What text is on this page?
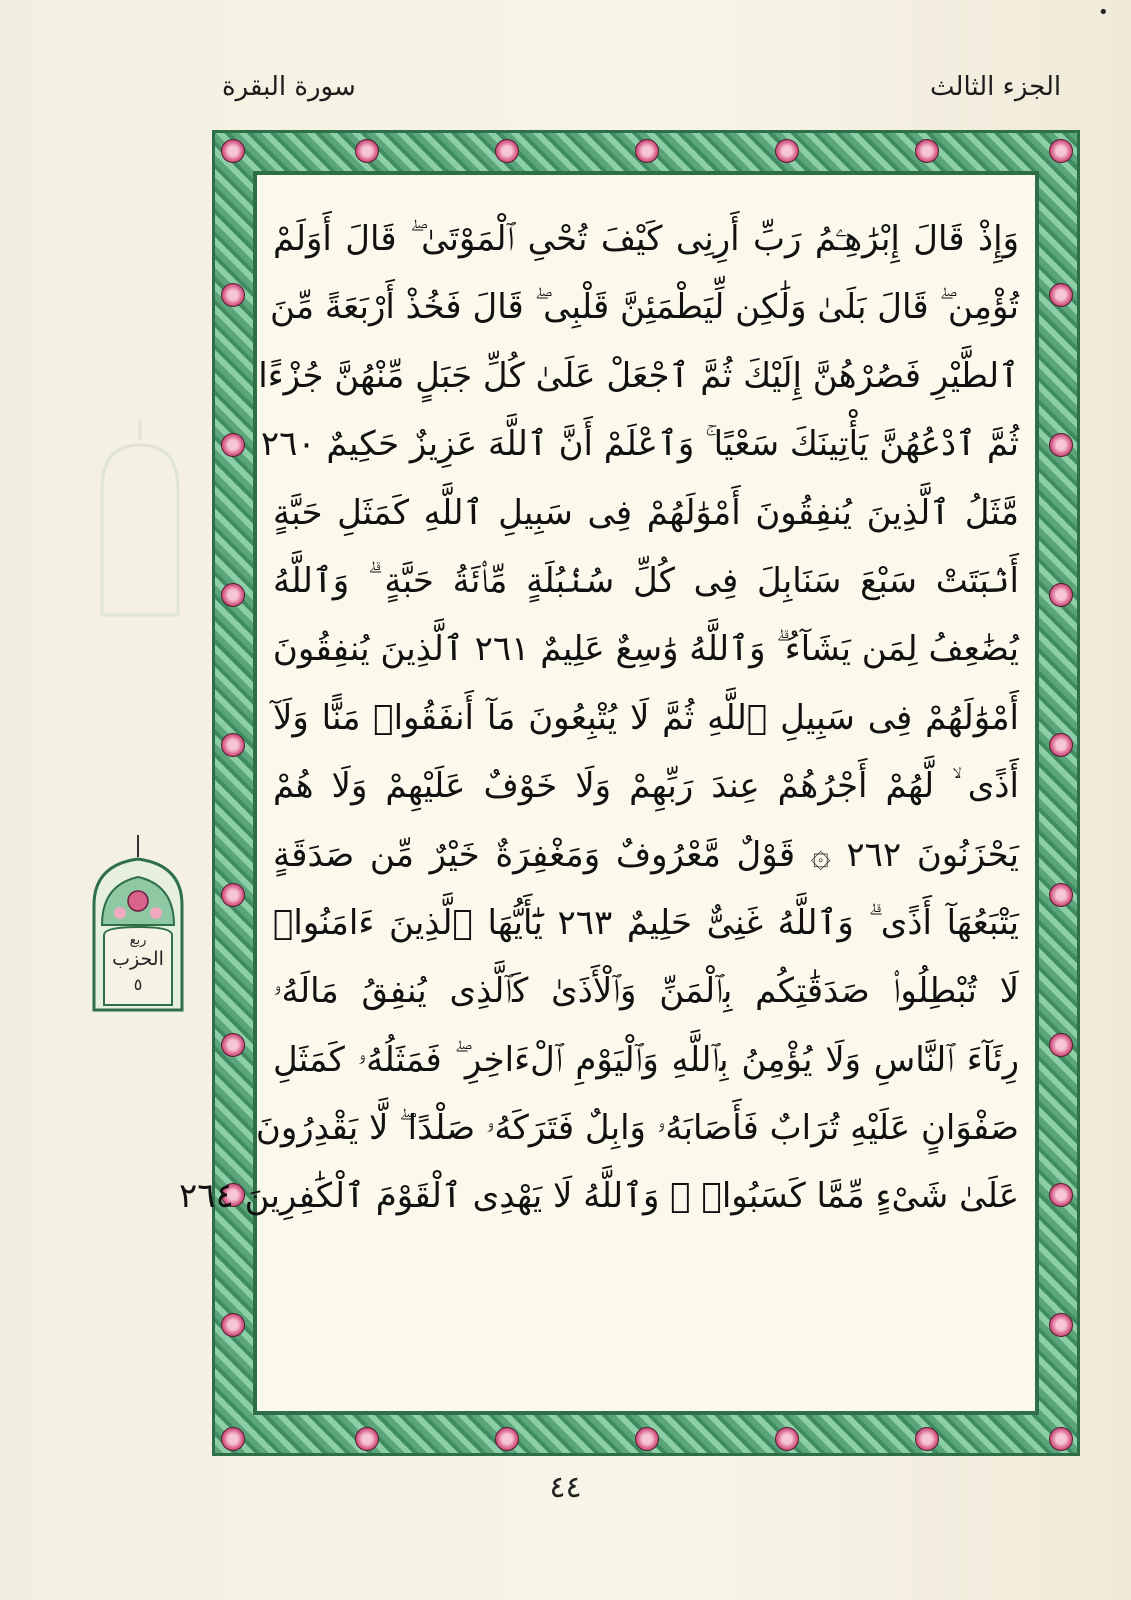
•
الجزء الثالث
سورة البقرة
ربع
الحزب
٥
وَإِذْ قَالَ إِبْرَٰهِـۧمُ رَبِّ أَرِنِى كَيْفَ تُحْىِ ٱلْمَوْتَىٰ ۖ قَالَ أَوَلَمْ
تُؤْمِن ۖ قَالَ بَلَىٰ وَلَٰكِن لِّيَطْمَئِنَّ قَلْبِى ۖ قَالَ فَخُذْ أَرْبَعَةً مِّنَ
ٱلطَّيْرِ فَصُرْهُنَّ إِلَيْكَ ثُمَّ ٱجْعَلْ عَلَىٰ كُلِّ جَبَلٍ مِّنْهُنَّ جُزْءًا
ثُمَّ ٱدْعُهُنَّ يَأْتِينَكَ سَعْيًا ۚ وَٱعْلَمْ أَنَّ ٱللَّهَ عَزِيزٌ حَكِيمٌ ٢٦٠
مَّثَلُ ٱلَّذِينَ يُنفِقُونَ أَمْوَٰلَهُمْ فِى سَبِيلِ ٱللَّهِ كَمَثَلِ حَبَّةٍ
أَنۢبَتَتْ سَبْعَ سَنَابِلَ فِى كُلِّ سُنۢبُلَةٍ مِّا۟ئَةُ حَبَّةٍ ۗ وَٱللَّهُ
يُضَٰعِفُ لِمَن يَشَآءُ ۗ وَٱللَّهُ وَٰسِعٌ عَلِيمٌ ٢٦١ ٱلَّذِينَ يُنفِقُونَ
أَمْوَٰلَهُمْ فِى سَبِيلِ ٱللَّهِ ثُمَّ لَا يُتْبِعُونَ مَآ أَنفَقُوا۟ مَنًّا وَلَآ
أَذًى ۙ لَّهُمْ أَجْرُهُمْ عِندَ رَبِّهِمْ وَلَا خَوْفٌ عَلَيْهِمْ وَلَا هُمْ
يَحْزَنُونَ ٢٦٢ ۞ قَوْلٌ مَّعْرُوفٌ وَمَغْفِرَةٌ خَيْرٌ مِّن صَدَقَةٍ
يَتْبَعُهَآ أَذًى ۗ وَٱللَّهُ غَنِىٌّ حَلِيمٌ ٢٦٣ يَٰٓأَيُّهَا ٱلَّذِينَ ءَامَنُوا۟
لَا تُبْطِلُوا۟ صَدَقَٰتِكُم بِٱلْمَنِّ وَٱلْأَذَىٰ كَٱلَّذِى يُنفِقُ مَالَهُۥ
رِئَآءَ ٱلنَّاسِ وَلَا يُؤْمِنُ بِٱللَّهِ وَٱلْيَوْمِ ٱلْءَاخِرِ ۖ فَمَثَلُهُۥ كَمَثَلِ
صَفْوَانٍ عَلَيْهِ تُرَابٌ فَأَصَابَهُۥ وَابِلٌ فَتَرَكَهُۥ صَلْدًا ۖ لَّا يَقْدِرُونَ
عَلَىٰ شَىْءٍ مِّمَّا كَسَبُوا۟ ۗ وَٱللَّهُ لَا يَهْدِى ٱلْقَوْمَ ٱلْكَٰفِرِينَ ٢٦٤
٤٤
